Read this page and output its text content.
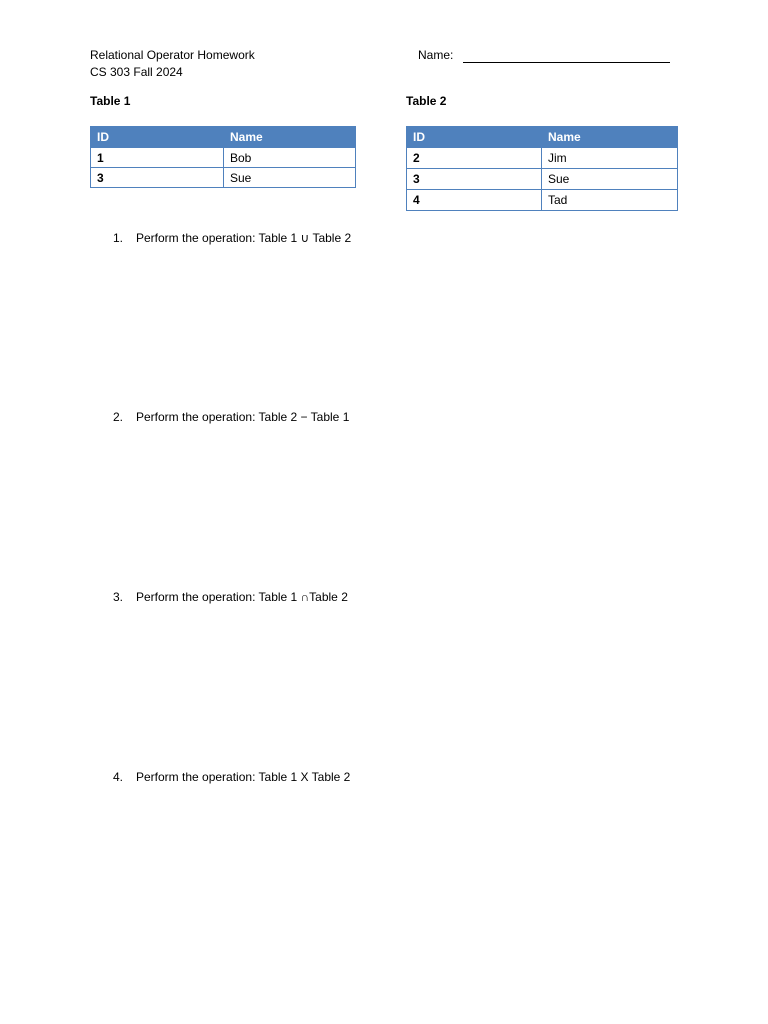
Relational Operator Homework
CS 303 Fall 2024
Name:
Table 1	Table 2
ID	Name
1	Bob
3	Sue
ID	Name
2	Jim
3	Sue
4	Tad
1.	Perform the operation: Table 1 ∪ Table 2
2.	Perform the operation: Table 2 − Table 1
3.	Perform the operation: Table 1 ∩Table 2
4.	Perform the operation: Table 1 X Table 2
